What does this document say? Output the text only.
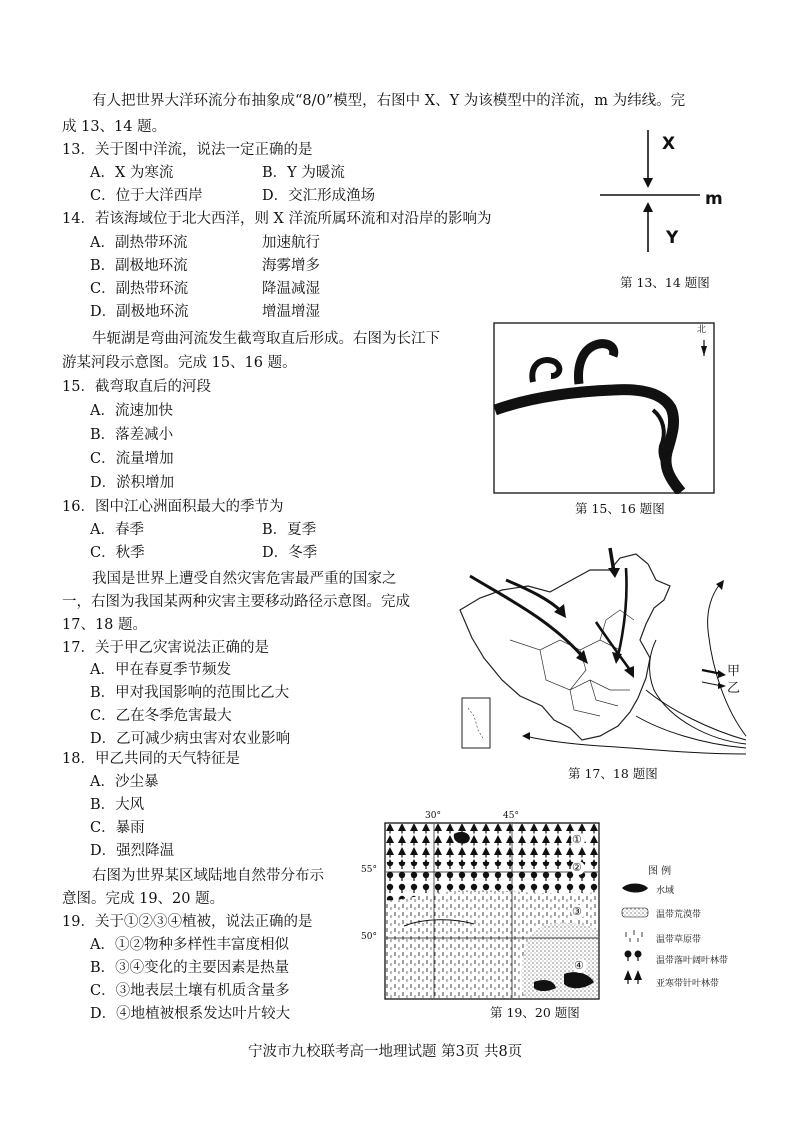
有人把世界大洋环流分布抽象成“8/0”模型，右图中 X、Y 为该模型中的洋流，m 为纬线。完
成 13、14 题。
13．关于图中洋流，说法一定正确的是
A．X 为寒流	B．Y 为暖流
C．位于大洋西岸	D．交汇形成渔场
14．若该海域位于北大西洋，则 X 洋流所属环流和对沿岸的影响为
A．副热带环流	加速航行
B．副极地环流	海雾增多
C．副热带环流	降温减湿
D．副极地环流	增温增湿
X
m
Y
第 13、14 题图
牛轭湖是弯曲河流发生截弯取直后形成。右图为长江下
游某河段示意图。完成 15、16 题。
15．截弯取直后的河段
A．流速加快
B．落差减小
C．流量增加
D．淤积增加
北
第 15、16 题图
16．图中江心洲面积最大的季节为
A．春季	B．夏季
C．秋季	D．冬季
我国是世界上遭受自然灾害危害最严重的国家之
一，右图为我国某两种灾害主要移动路径示意图。完成
17、18 题。
17．关于甲乙灾害说法正确的是
A．甲在春夏季节频发
B．甲对我国影响的范围比乙大
C．乙在冬季危害最大
D．乙可减少病虫害对农业影响
甲
乙
第 17、18 题图
18．甲乙共同的天气特征是
A．沙尘暴
B．大风
C．暴雨
D．强烈降温
右图为世界某区域陆地自然带分布示
意图。完成 19、20 题。
19．关于①②③④植被，说法正确的是
A．①②物种多样性丰富度相似
B．③④变化的主要因素是热量
C．③地表层土壤有机质含量多
D．④地植被根系发达叶片较大
30°	45°
55°
50°
①
②
③
④
图 例
水域
温带荒漠带
温带草原带
温带落叶阔叶林带
亚寒带针叶林带
第 19、20 题图
宁波市九校联考高一地理试题 第3页 共8页
